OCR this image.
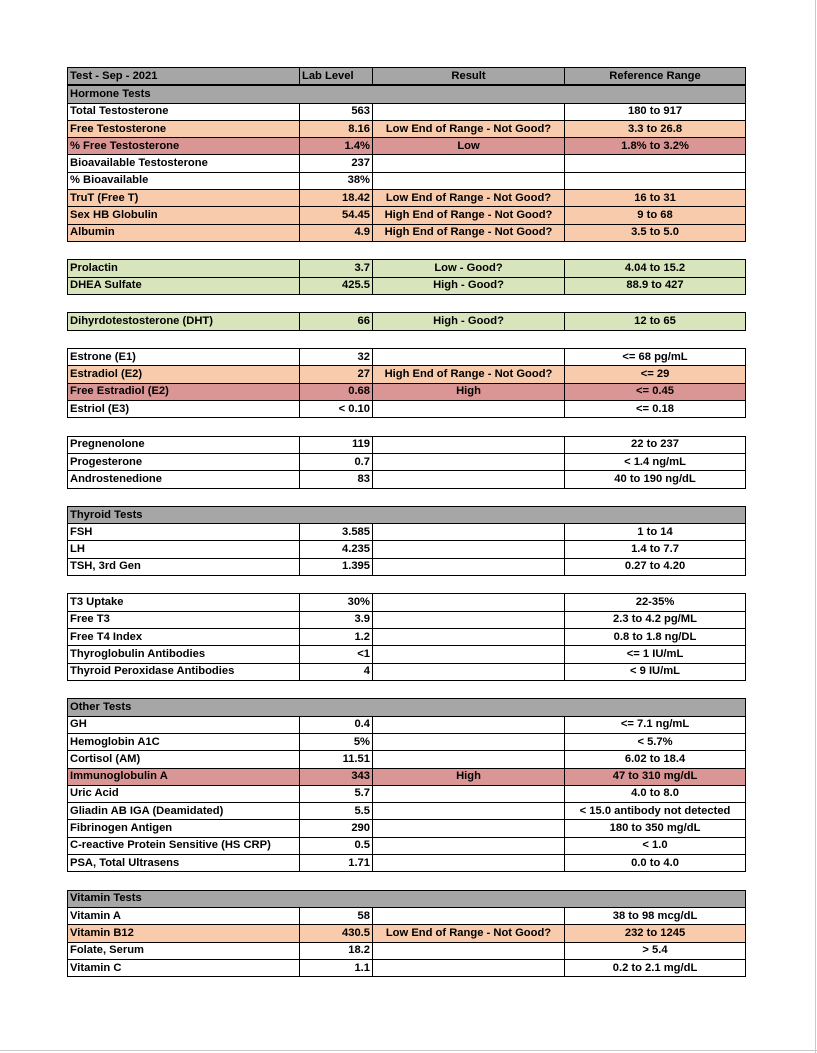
Test - Sep - 2021	Lab Level	Result	Reference Range
Hormone Tests			
Total Testosterone	563		180 to 917
Free Testosterone	8.16	Low End of Range - Not Good?	3.3 to 26.8
% Free Testosterone	1.4%	Low	1.8% to 3.2%
Bioavailable Testosterone	237		
% Bioavailable	38%		
TruT (Free T)	18.42	Low End of Range - Not Good?	16 to 31
Sex HB Globulin	54.45	High End of Range - Not Good?	9 to 68
Albumin	4.9	High End of Range - Not Good?	3.5 to 5.0
Prolactin	3.7	Low - Good?	4.04 to 15.2
DHEA Sulfate	425.5	High - Good?	88.9 to 427
Dihyrdotestosterone (DHT)	66	High - Good?	12 to 65
Estrone (E1)	32		<= 68 pg/mL
Estradiol (E2)	27	High End of Range - Not Good?	<= 29
Free Estradiol (E2)	0.68	High	<= 0.45
Estriol (E3)	< 0.10		<= 0.18
Pregnenolone	119		22 to 237
Progesterone	0.7		< 1.4 ng/mL
Androstenedione	83		40 to 190 ng/dL
Thyroid Tests			
FSH	3.585		1 to 14
LH	4.235		1.4 to 7.7
TSH, 3rd Gen	1.395		0.27 to 4.20
T3 Uptake	30%		22-35%
Free T3	3.9		2.3 to 4.2 pg/ML
Free T4 Index	1.2		0.8 to 1.8 ng/DL
Thyroglobulin Antibodies	<1		<= 1 IU/mL
Thyroid Peroxidase Antibodies	4		< 9 IU/mL
Other Tests			
GH	0.4		<= 7.1 ng/mL
Hemoglobin A1C	5%		< 5.7%
Cortisol (AM)	11.51		6.02 to 18.4
Immunoglobulin A	343	High	47 to 310 mg/dL
Uric Acid	5.7		4.0 to 8.0
Gliadin AB IGA (Deamidated)	5.5		< 15.0 antibody not detected
Fibrinogen Antigen	290		180 to 350 mg/dL
C-reactive Protein Sensitive (HS CRP)	0.5		< 1.0
PSA, Total Ultrasens	1.71		0.0 to 4.0
Vitamin Tests			
Vitamin A	58		38 to 98 mcg/dL
Vitamin B12	430.5	Low End of Range - Not Good?	232 to 1245
Folate, Serum	18.2		> 5.4
Vitamin C	1.1		0.2 to 2.1 mg/dL
